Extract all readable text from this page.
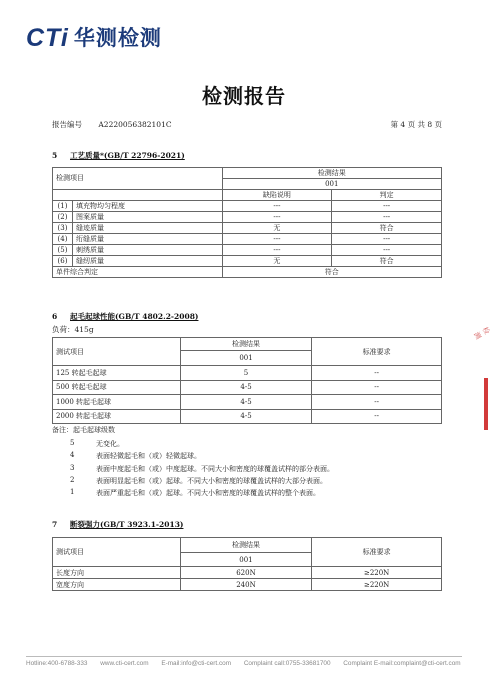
CTi 华测检测
检测报告
报告编号 A2220056382101C	第 4 页 共 8 页
5 工艺质量*(GB/T 22796-2021)
检测项目		检测结果	
		001	
		缺陷说明	判定
(1)	填充物均匀程度	---	---
(2)	图案质量	---	---
(3)	缝迹质量	无	符合
(4)	绗缝质量	---	---
(5)	刺绣质量	---	---
(6)	缝纫质量	无	符合
单件综合判定		符合	
6 起毛起球性能(GB/T 4802.2-2008)
负荷：415g
测试项目	检测结果	标准要求
	001	
125 转起毛起球	5	--
500 转起毛起球	4-5	--
1000 转起毛起球	4-5	--
2000 转起毛起球	4-5	--
备注：起毛起球级数
5	无变化。
4	表面轻微起毛和（或）轻微起球。
3	表面中度起毛和（或）中度起球。不同大小和密度的球覆盖试样的部分表面。
2	表面明显起毛和（或）起球。不同大小和密度的球覆盖试样的大部分表面。
1	表面严重起毛和（或）起球。不同大小和密度的球覆盖试样的整个表面。
7 断裂强力(GB/T 3923.1-2013)
测试项目	检测结果	标准要求
	001	
长度方向	620N	≥220N
宽度方向	240N	≥220N
检测
Hotline:400-6788-333 www.cti-cert.com E-mail:info@cti-cert.com Complaint call:0755-33681700 Complaint E-mail:complaint@cti-cert.com
